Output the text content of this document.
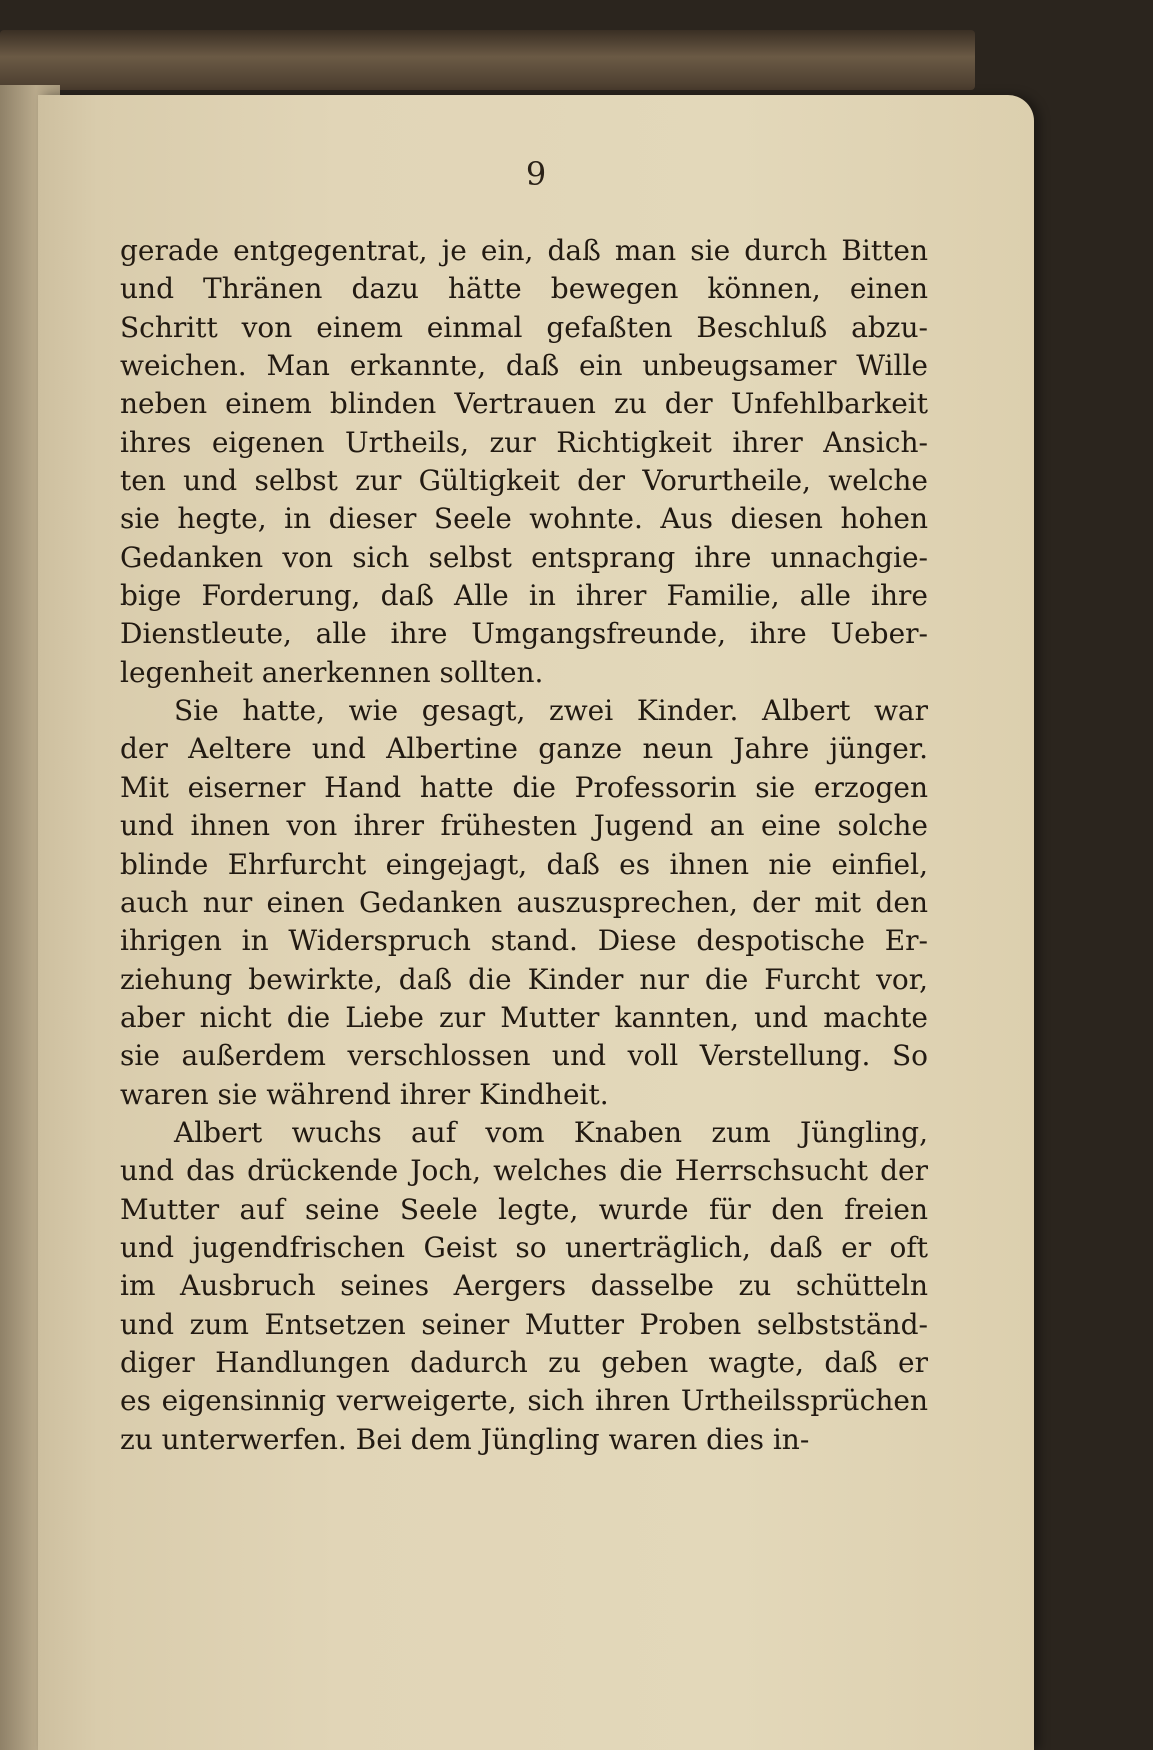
9
gerade entgegentrat, je ein, daß man sie durch Bitten
und Thränen dazu hätte bewegen können, einen
Schritt von einem einmal gefaßten Beschluß abzu-
weichen. Man erkannte, daß ein unbeugsamer Wille
neben einem blinden Vertrauen zu der Unfehlbarkeit
ihres eigenen Urtheils, zur Richtigkeit ihrer Ansich-
ten und selbst zur Gültigkeit der Vorurtheile, welche
sie hegte, in dieser Seele wohnte. Aus diesen hohen
Gedanken von sich selbst entsprang ihre unnachgie-
bige Forderung, daß Alle in ihrer Familie, alle ihre
Dienstleute, alle ihre Umgangsfreunde, ihre Ueber-
legenheit anerkennen sollten.
Sie hatte, wie gesagt, zwei Kinder. Albert war
der Aeltere und Albertine ganze neun Jahre jünger.
Mit eiserner Hand hatte die Professorin sie erzogen
und ihnen von ihrer frühesten Jugend an eine solche
blinde Ehrfurcht eingejagt, daß es ihnen nie einfiel,
auch nur einen Gedanken auszusprechen, der mit den
ihrigen in Widerspruch stand. Diese despotische Er-
ziehung bewirkte, daß die Kinder nur die Furcht vor,
aber nicht die Liebe zur Mutter kannten, und machte
sie außerdem verschlossen und voll Verstellung. So
waren sie während ihrer Kindheit.
Albert wuchs auf vom Knaben zum Jüngling,
und das drückende Joch, welches die Herrschsucht der
Mutter auf seine Seele legte, wurde für den freien
und jugendfrischen Geist so unerträglich, daß er oft
im Ausbruch seines Aergers dasselbe zu schütteln
und zum Entsetzen seiner Mutter Proben selbstständ-
diger Handlungen dadurch zu geben wagte, daß er
es eigensinnig verweigerte, sich ihren Urtheilssprüchen
zu unterwerfen. Bei dem Jüngling waren dies in-
